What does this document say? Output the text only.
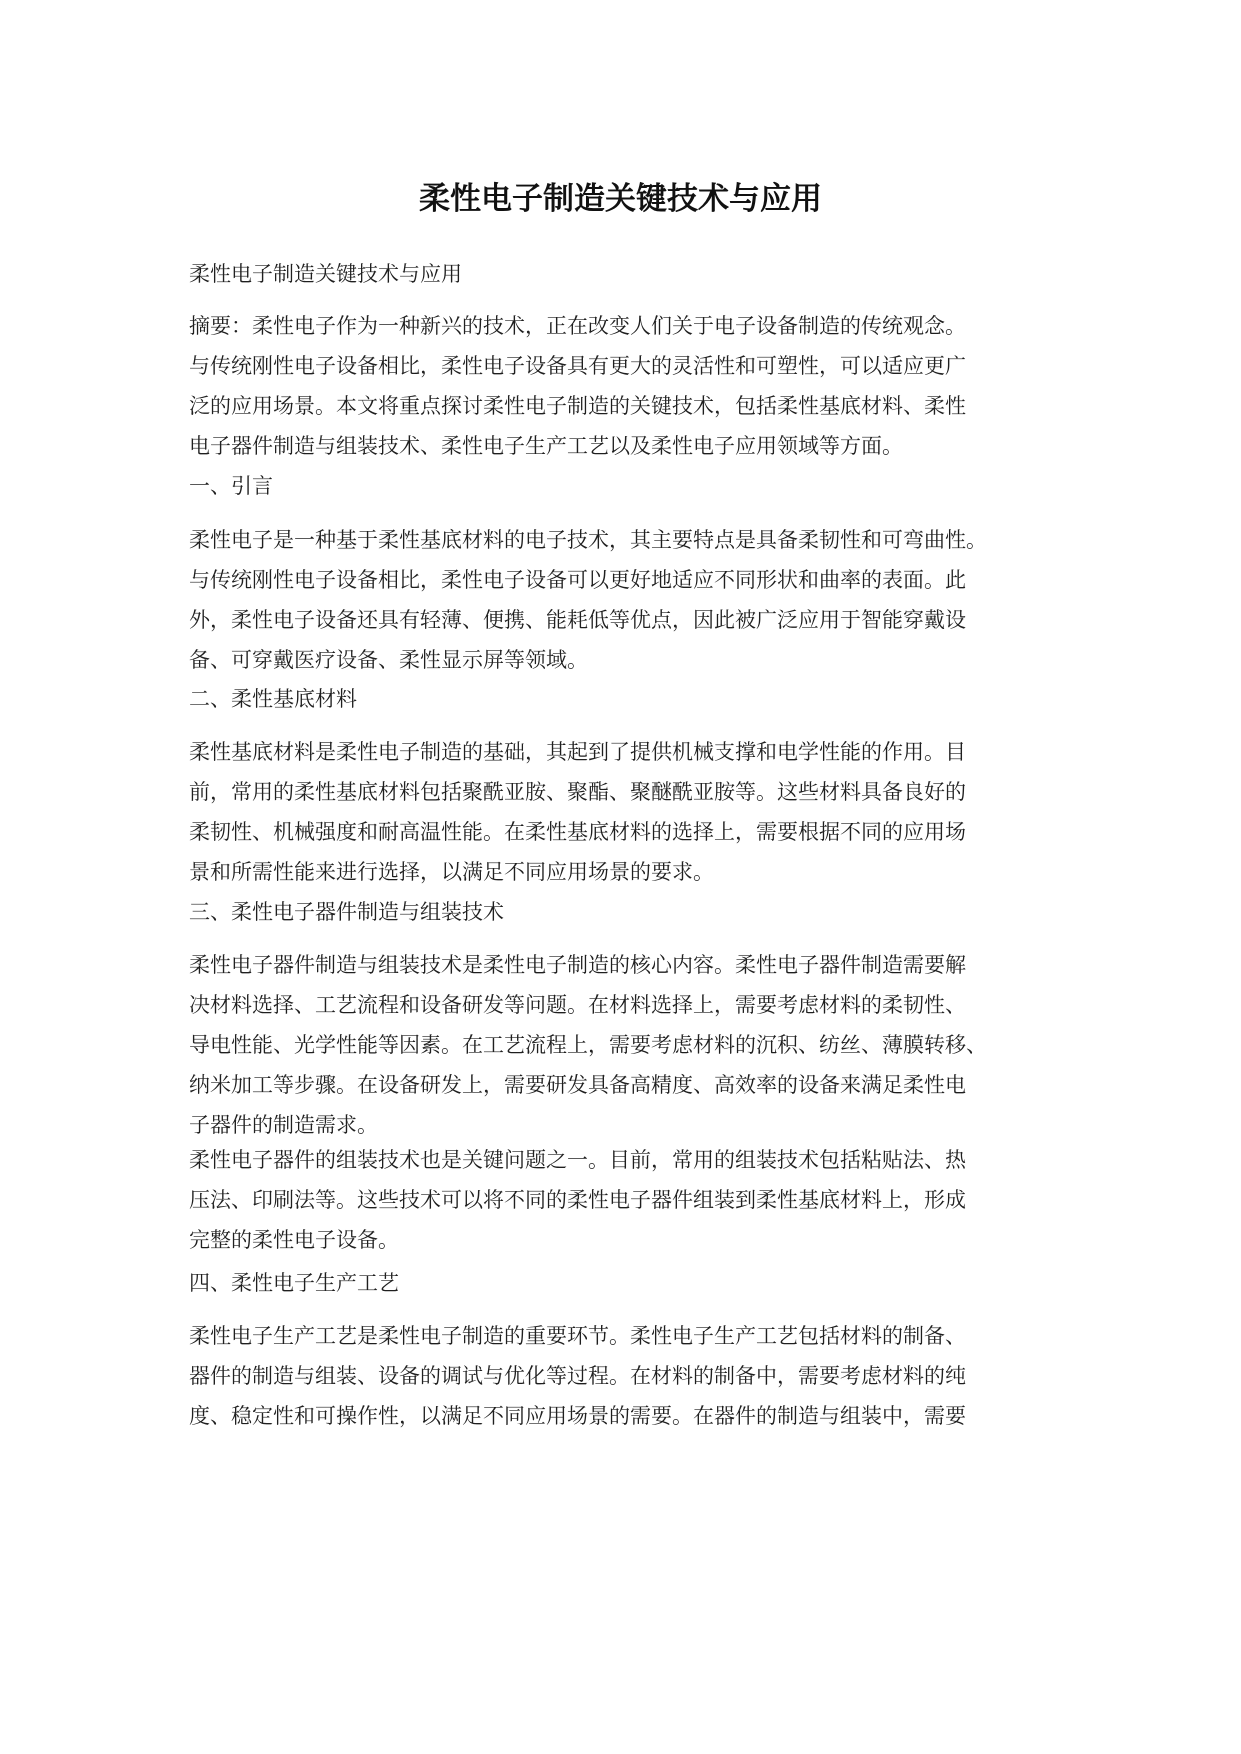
柔性电子制造关键技术与应用

柔性电子制造关键技术与应用

摘要：柔性电子作为一种新兴的技术，正在改变人们关于电子设备制造的传统观念。
与传统刚性电子设备相比，柔性电子设备具有更大的灵活性和可塑性，可以适应更广
泛的应用场景。本文将重点探讨柔性电子制造的关键技术，包括柔性基底材料、柔性
电子器件制造与组装技术、柔性电子生产工艺以及柔性电子应用领域等方面。

一、引言

柔性电子是一种基于柔性基底材料的电子技术，其主要特点是具备柔韧性和可弯曲性。
与传统刚性电子设备相比，柔性电子设备可以更好地适应不同形状和曲率的表面。此
外，柔性电子设备还具有轻薄、便携、能耗低等优点，因此被广泛应用于智能穿戴设
备、可穿戴医疗设备、柔性显示屏等领域。

二、柔性基底材料

柔性基底材料是柔性电子制造的基础，其起到了提供机械支撑和电学性能的作用。目
前，常用的柔性基底材料包括聚酰亚胺、聚酯、聚醚酰亚胺等。这些材料具备良好的
柔韧性、机械强度和耐高温性能。在柔性基底材料的选择上，需要根据不同的应用场
景和所需性能来进行选择，以满足不同应用场景的要求。

三、柔性电子器件制造与组装技术

柔性电子器件制造与组装技术是柔性电子制造的核心内容。柔性电子器件制造需要解
决材料选择、工艺流程和设备研发等问题。在材料选择上，需要考虑材料的柔韧性、
导电性能、光学性能等因素。在工艺流程上，需要考虑材料的沉积、纺丝、薄膜转移、
纳米加工等步骤。在设备研发上，需要研发具备高精度、高效率的设备来满足柔性电
子器件的制造需求。
柔性电子器件的组装技术也是关键问题之一。目前，常用的组装技术包括粘贴法、热
压法、印刷法等。这些技术可以将不同的柔性电子器件组装到柔性基底材料上，形成
完整的柔性电子设备。

四、柔性电子生产工艺

柔性电子生产工艺是柔性电子制造的重要环节。柔性电子生产工艺包括材料的制备、
器件的制造与组装、设备的调试与优化等过程。在材料的制备中，需要考虑材料的纯
度、稳定性和可操作性，以满足不同应用场景的需要。在器件的制造与组装中，需要
